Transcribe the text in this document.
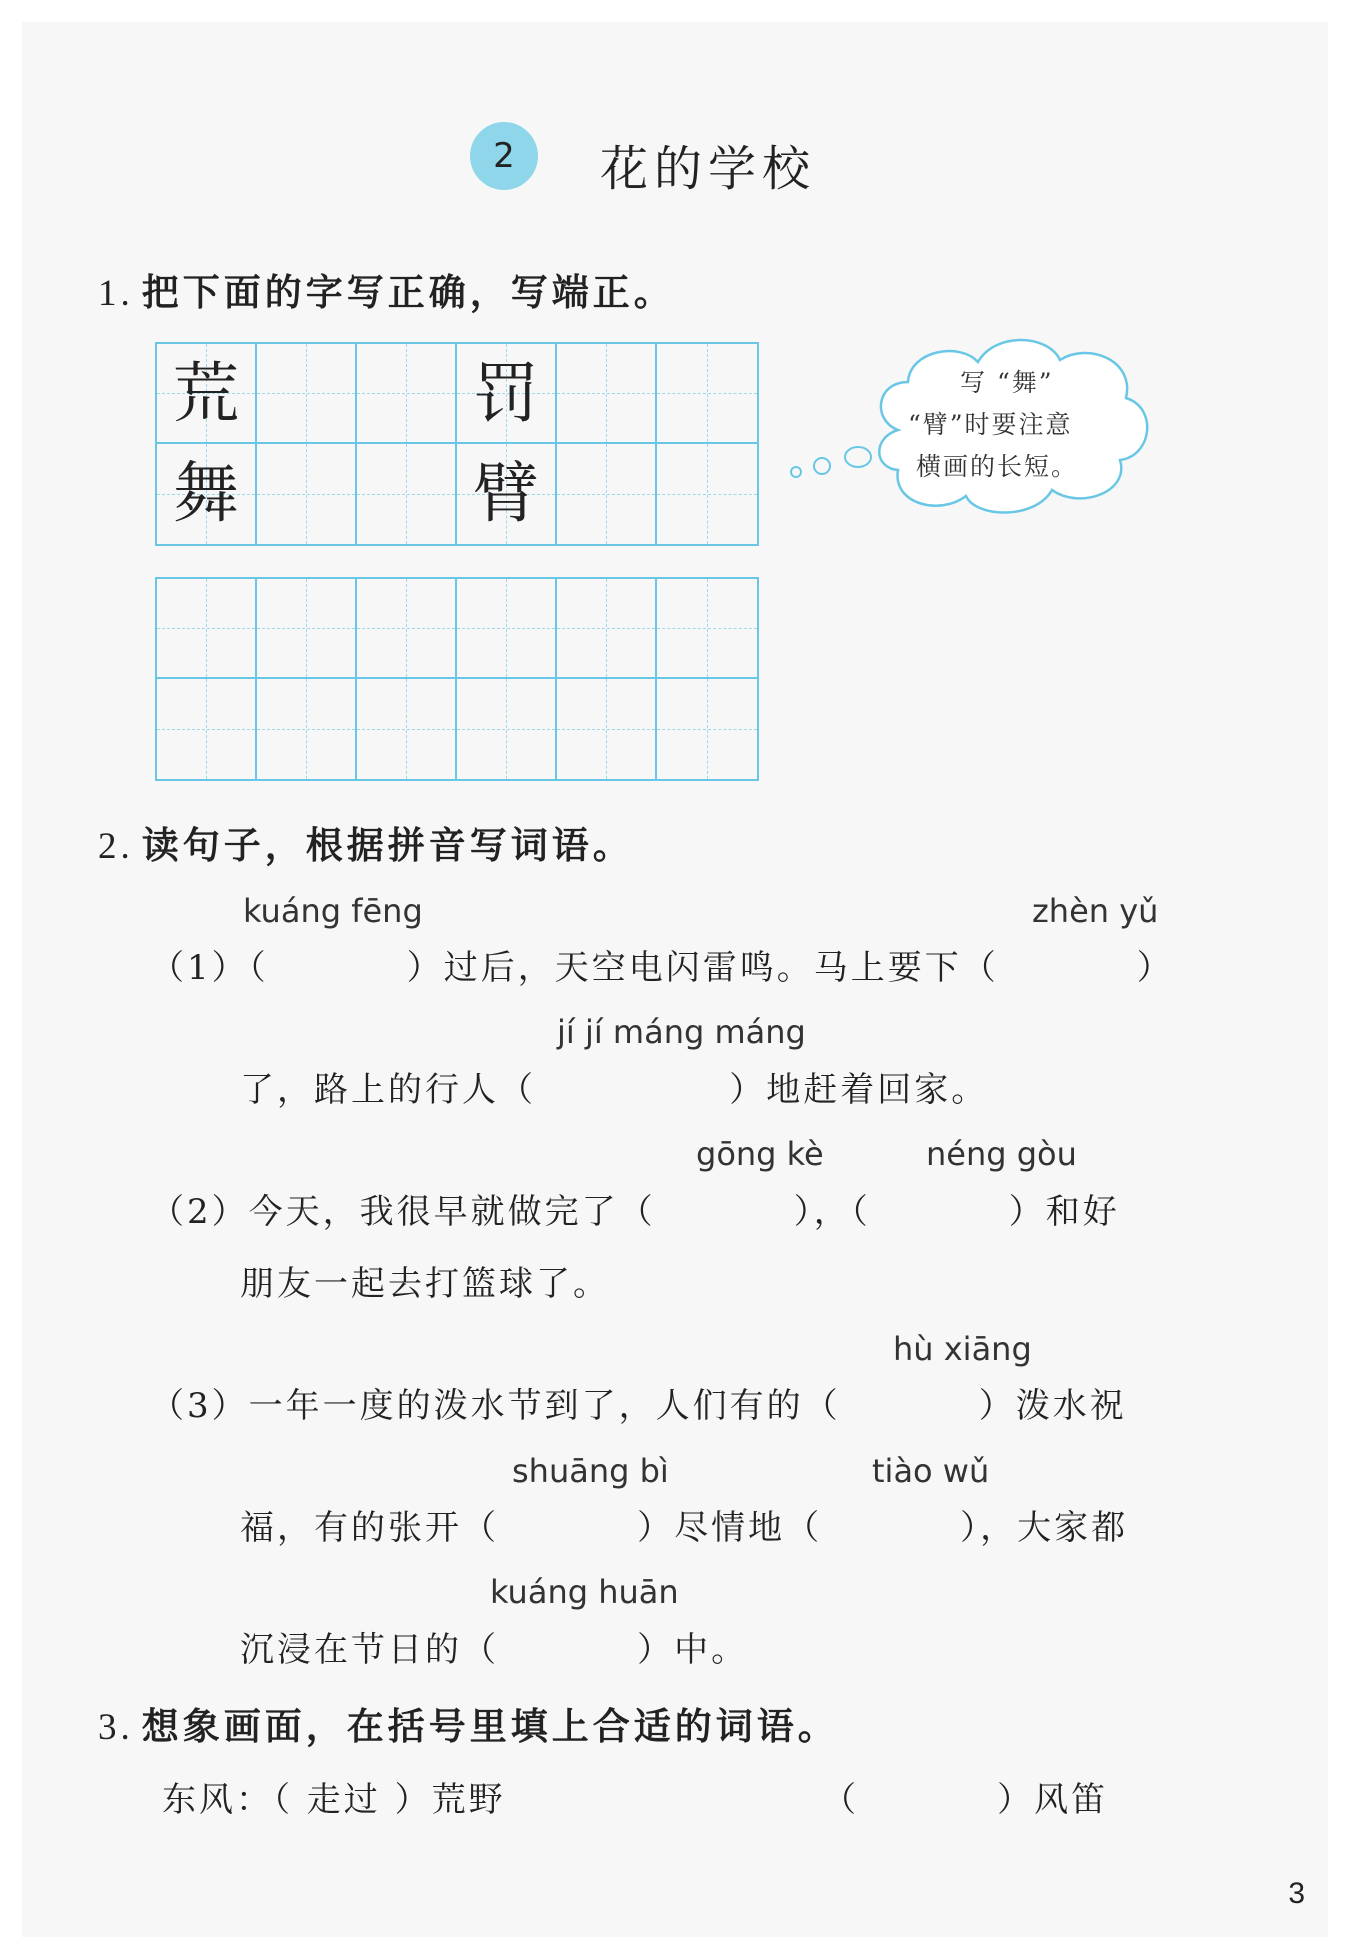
2	花的学校
1. 把下面的字写正确，写端正。
荒	罚
舞	臂
写 “舞”
“臂”时要注意
横画的长短。
2. 读句子，根据拼音写词语。
kuáng fēng	zhèn yǔ
（1）（          ）过后，天空电闪雷鸣。马上要下（          ）
jí jí máng máng
了，路上的行人（              ）地赶着回家。
gōng kè	néng gòu
（2）今天，我很早就做完了（          ），（          ）和好
朋友一起去打篮球了。
hù xiāng
（3）一年一度的泼水节到了，人们有的（          ）泼水祝
shuāng bì	tiào wǔ
福，有的张开（          ）尽情地（          ），大家都
kuáng huān
沉浸在节日的（          ）中。
3. 想象画面，在括号里填上合适的词语。
东风：（ 走过 ）荒野	（          ）风笛
3
